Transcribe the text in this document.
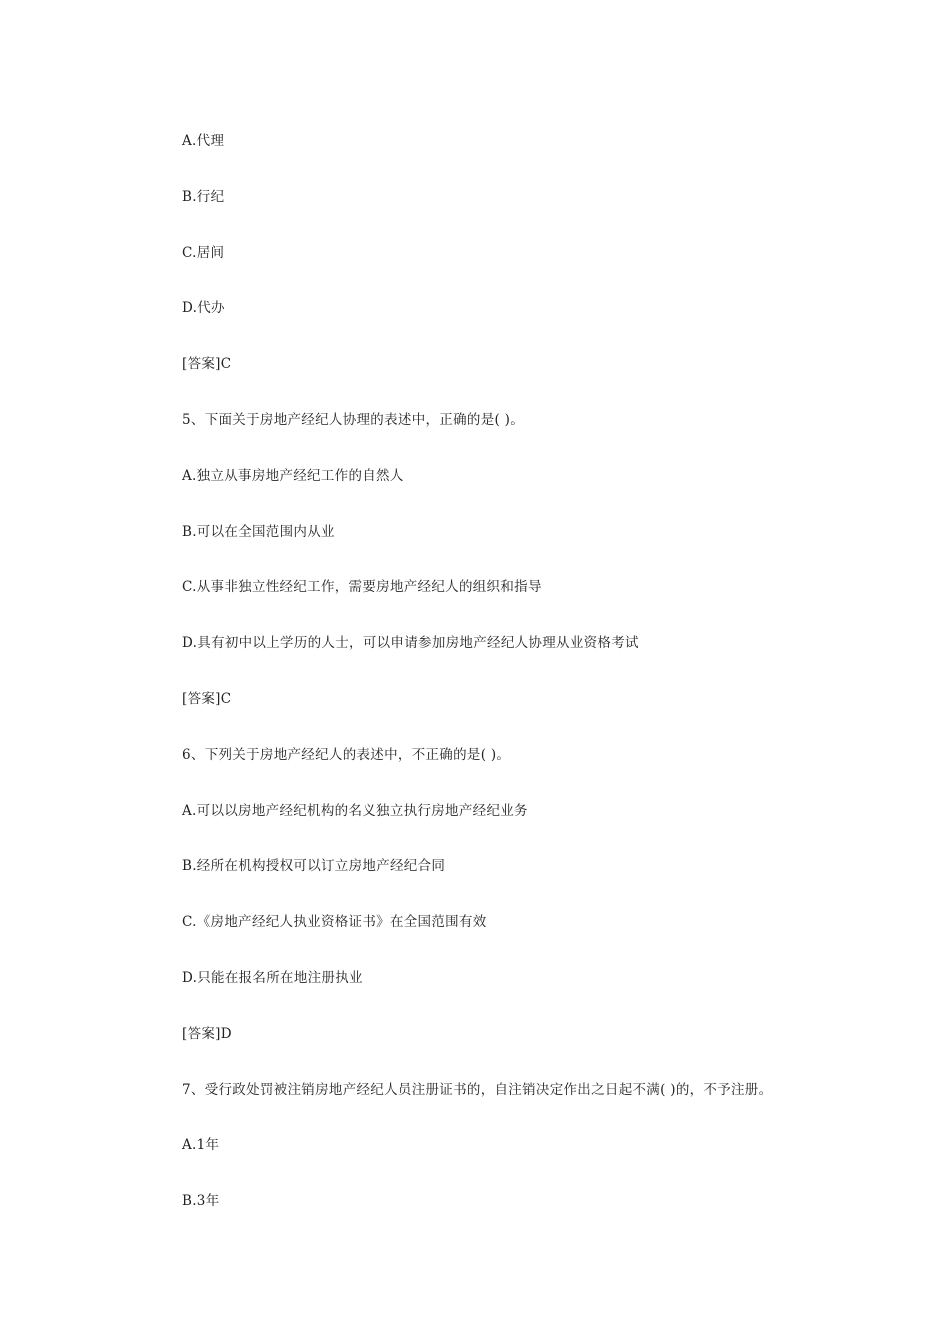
A.代理
B.行纪
C.居间
D.代办
[答案]C
5、下面关于房地产经纪人协理的表述中，正确的是( )。
A.独立从事房地产经纪工作的自然人
B.可以在全国范围内从业
C.从事非独立性经纪工作，需要房地产经纪人的组织和指导
D.具有初中以上学历的人士，可以申请参加房地产经纪人协理从业资格考试
[答案]C
6、下列关于房地产经纪人的表述中，不正确的是( )。
A.可以以房地产经纪机构的名义独立执行房地产经纪业务
B.经所在机构授权可以订立房地产经纪合同
C.《房地产经纪人执业资格证书》在全国范围有效
D.只能在报名所在地注册执业
[答案]D
7、受行政处罚被注销房地产经纪人员注册证书的，自注销决定作出之日起不满( )的，不予注册。
A.1年
B.3年
